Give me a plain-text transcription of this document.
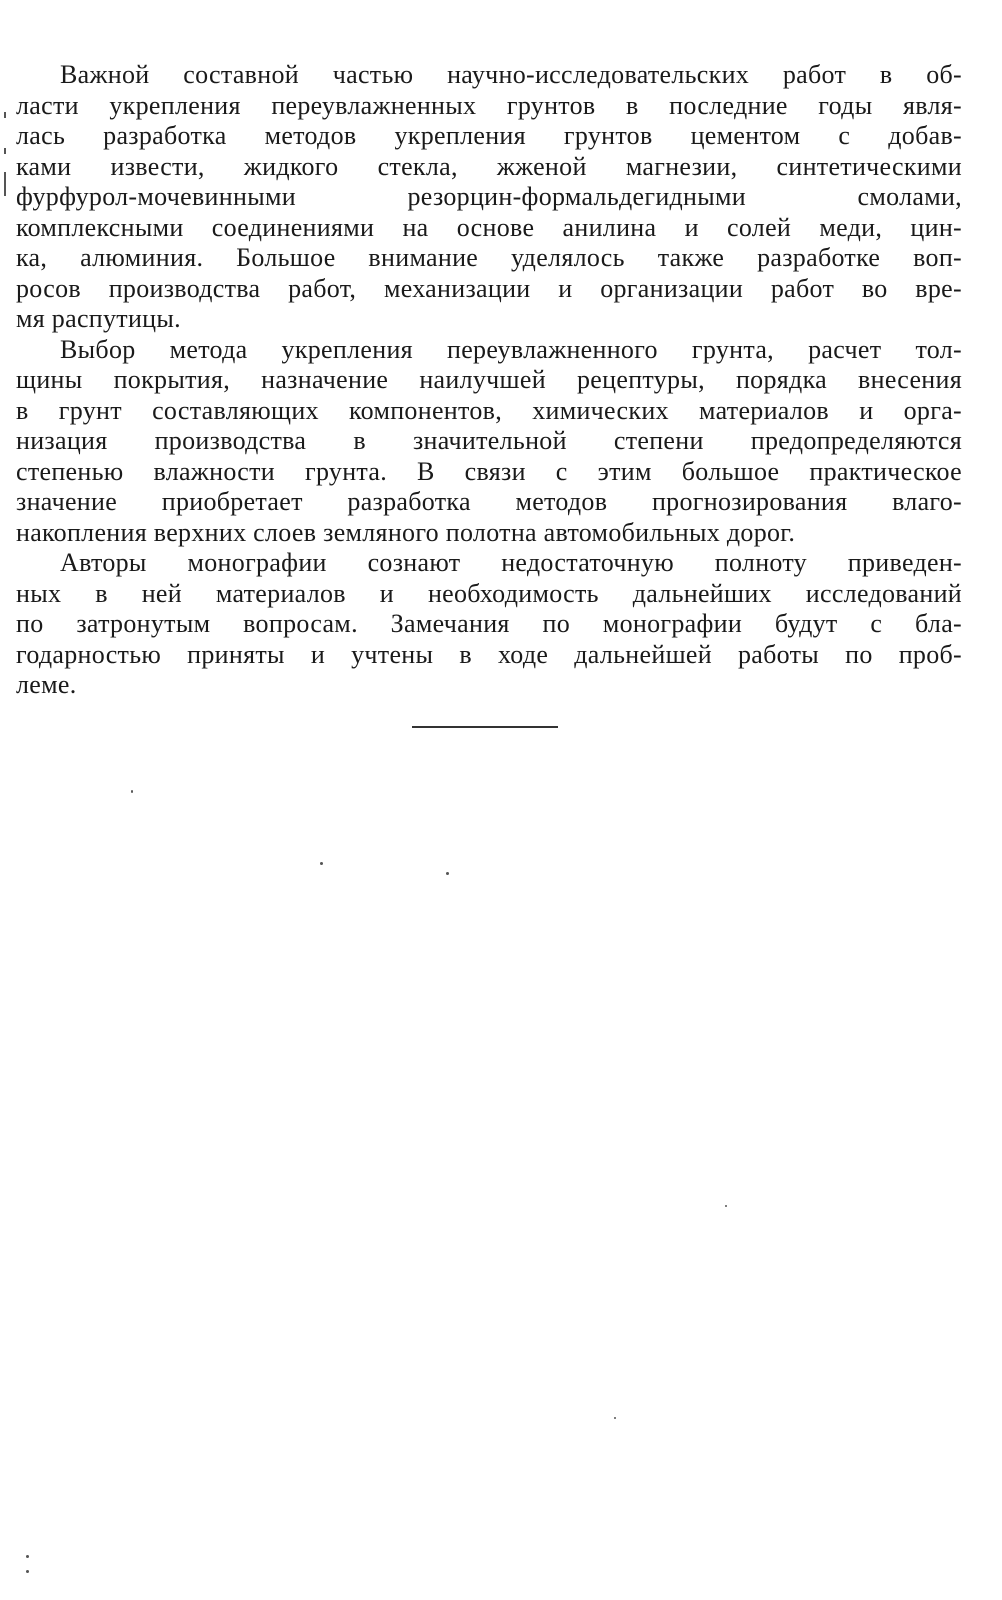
Важной составной частью научно-исследовательских работ в об-
ласти укрепления переувлажненных грунтов в последние годы явля-
лась разработка методов укрепления грунтов цементом с добав-
ками извести, жидкого стекла, жженой магнезии, синтетическими
фурфурол-мочевинными резорцин-формальдегидными смолами,
комплексными соединениями на основе анилина и солей меди, цин-
ка, алюминия. Большое внимание уделялось также разработке воп-
росов производства работ, механизации и организации работ во вре-
мя распутицы.
Выбор метода укрепления переувлажненного грунта, расчет тол-
щины покрытия, назначение наилучшей рецептуры, порядка внесения
в грунт составляющих компонентов, химических материалов и орга-
низация производства в значительной степени предопределяются
степенью влажности грунта. В связи с этим большое практическое
значение приобретает разработка методов прогнозирования влаго-
накопления верхних слоев земляного полотна автомобильных дорог.
Авторы монографии сознают недостаточную полноту приведен-
ных в ней материалов и необходимость дальнейших исследований
по затронутым вопросам. Замечания по монографии будут с бла-
годарностью приняты и учтены в ходе дальнейшей работы по проб-
леме.
